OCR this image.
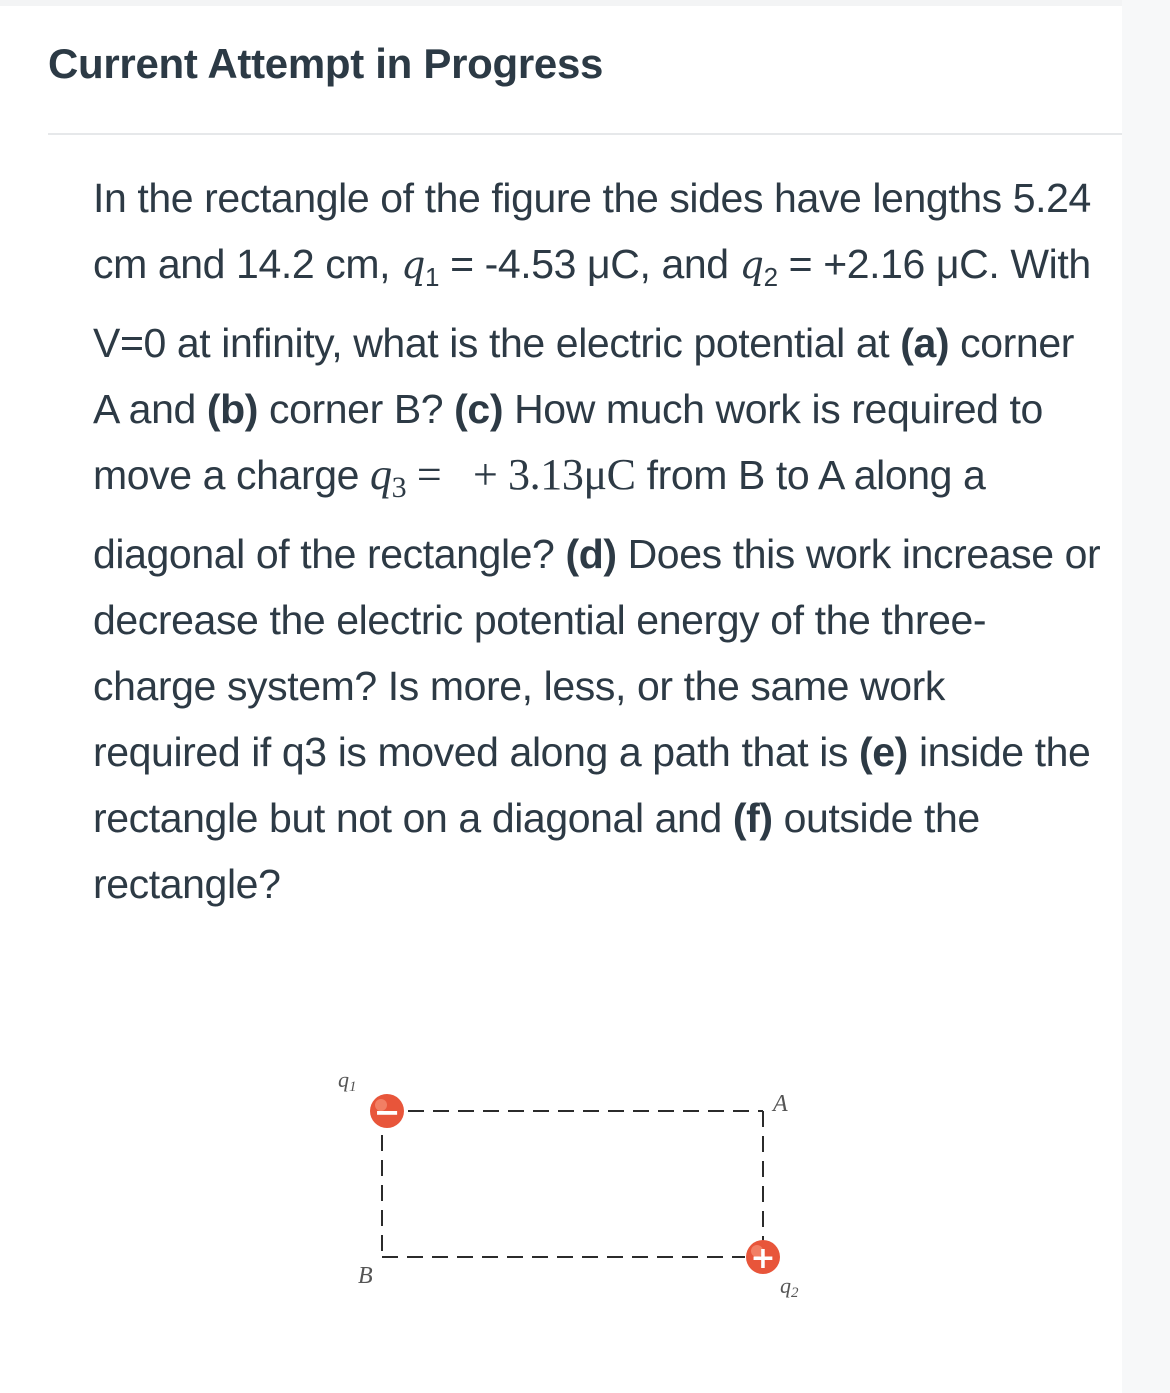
Current Attempt in Progress
In the rectangle of the figure the sides have lengths 5.24 cm and 14.2 cm, $q_1 = -4.53$ μC, and $q_2 = +2.16$ μC. With V=0 at infinity, what is the electric potential at (a) corner A and (b) corner B? (c) How much work is required to move a charge q3 =   + 3.13μC from B to A along a diagonal of the rectangle? (d) Does this work increase or decrease the electric potential energy of the three-charge system? Is more, less, or the same work required if q3 is moved along a path that is (e) inside the rectangle but not on a diagonal and (f) outside the rectangle?
−
+
q1
A
B	q2
